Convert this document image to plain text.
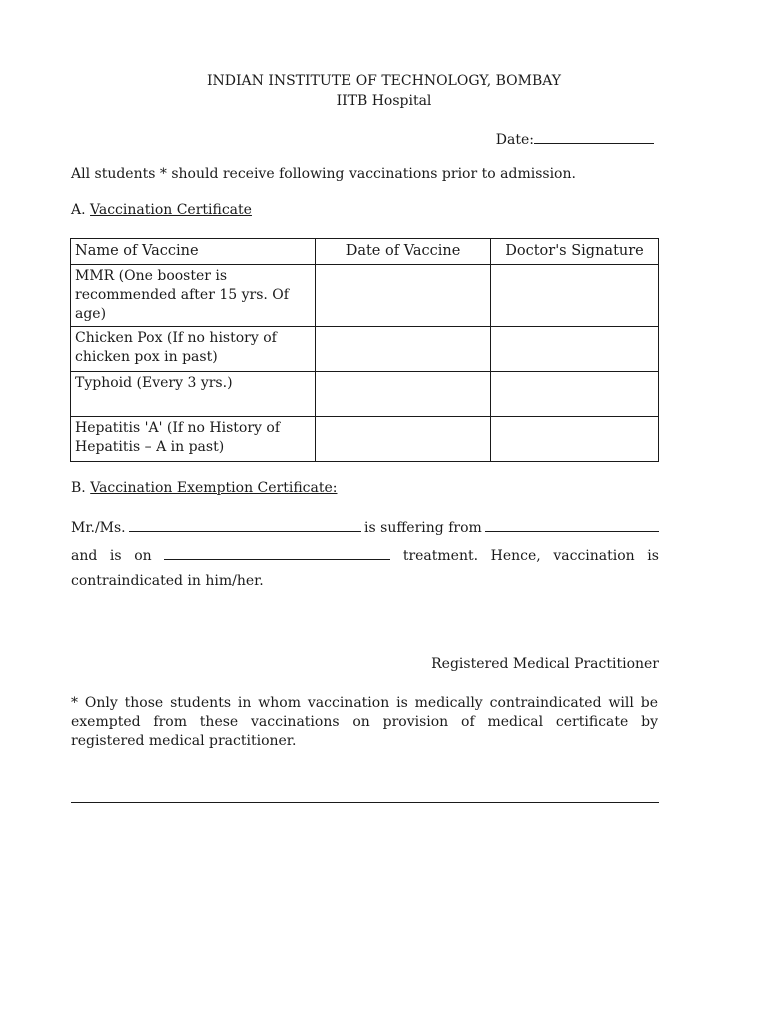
INDIAN INSTITUTE OF TECHNOLOGY, BOMBAY
IITB Hospital
Date:
All students * should receive following vaccinations prior to admission.
A. Vaccination Certificate
Name of Vaccine	Date of Vaccine	Doctor's Signature
MMR (One booster is recommended after 15 yrs. Of age)		
Chicken Pox (If no history of chicken pox in past)		
Typhoid (Every 3 yrs.)		
Hepatitis 'A' (If no History of Hepatitis – A in past)		
B. Vaccination Exemption Certificate:
Mr./Ms.	is suffering from
and is on	treatment. Hence, vaccination is
contraindicated in him/her.
Registered Medical Practitioner
* Only those students in whom vaccination is medically contraindicated will be exempted from these vaccinations on provision of medical certificate by registered medical practitioner.
